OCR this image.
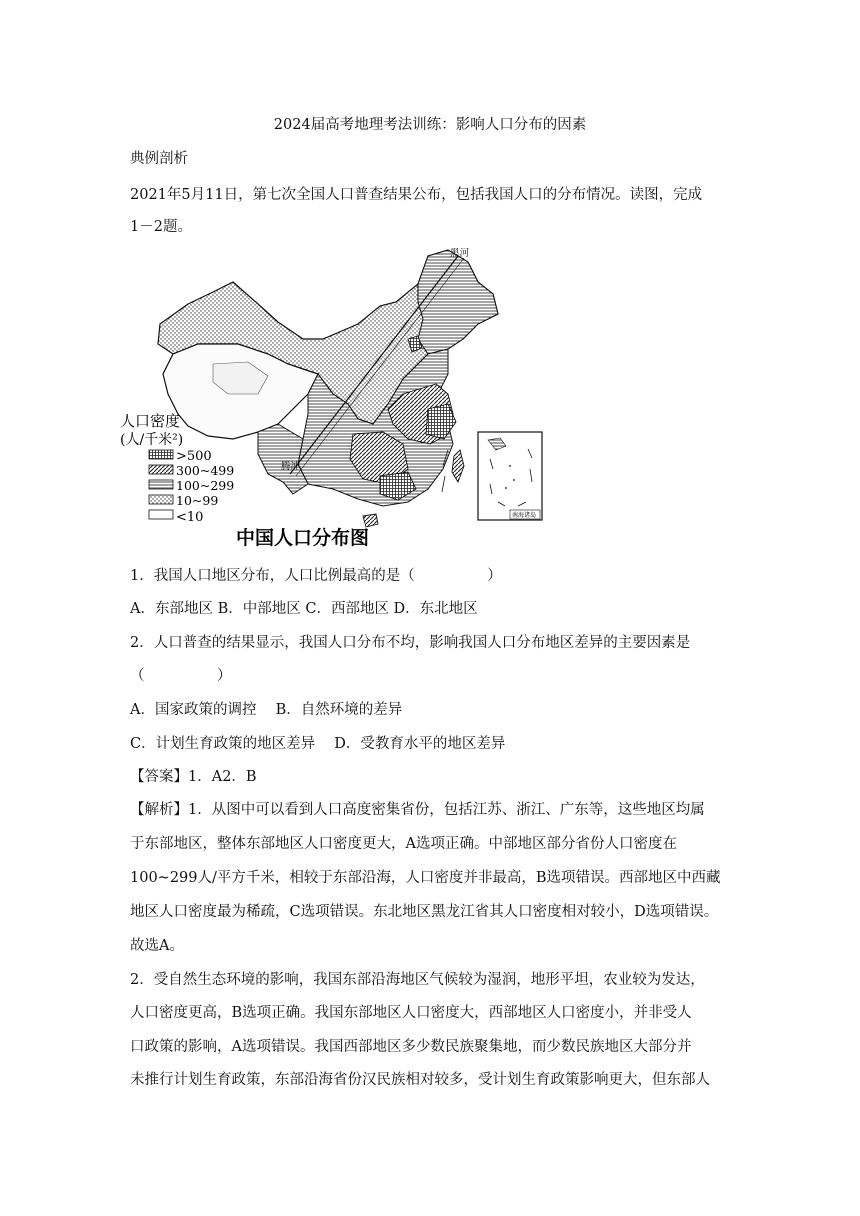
2024届高考地理考法训练：影响人口分布的因素
典例剖析
2021年5月11日，第七次全国人口普查结果公布，包括我国人口的分布情况。读图，完成
1－2题。
黑河
腾冲
人口密度
(人/千米²)
>500
300~499
100~299
10~99
<10	南海诸岛
中国人口分布图
1．我国人口地区分布，人口比例最高的是（　　　　　）
A．东部地区 B．中部地区 C．西部地区 D．东北地区
2．人口普查的结果显示，我国人口分布不均，影响我国人口分布地区差异的主要因素是
（　　　　　）
A．国家政策的调控　 B．自然环境的差异
C．计划生育政策的地区差异　 D．受教育水平的地区差异
【答案】1．A2．B
【解析】1．从图中可以看到人口高度密集省份，包括江苏、浙江、广东等，这些地区均属
于东部地区，整体东部地区人口密度更大，A选项正确。中部地区部分省份人口密度在
100~299人/平方千米，相较于东部沿海，人口密度并非最高，B选项错误。西部地区中西藏
地区人口密度最为稀疏，C选项错误。东北地区黑龙江省其人口密度相对较小，D选项错误。
故选A。
2．受自然生态环境的影响，我国东部沿海地区气候较为湿润，地形平坦，农业较为发达，
人口密度更高，B选项正确。我国东部地区人口密度大，西部地区人口密度小，并非受人
口政策的影响，A选项错误。我国西部地区多少数民族聚集地，而少数民族地区大部分并
未推行计划生育政策，东部沿海省份汉民族相对较多，受计划生育政策影响更大，但东部人
